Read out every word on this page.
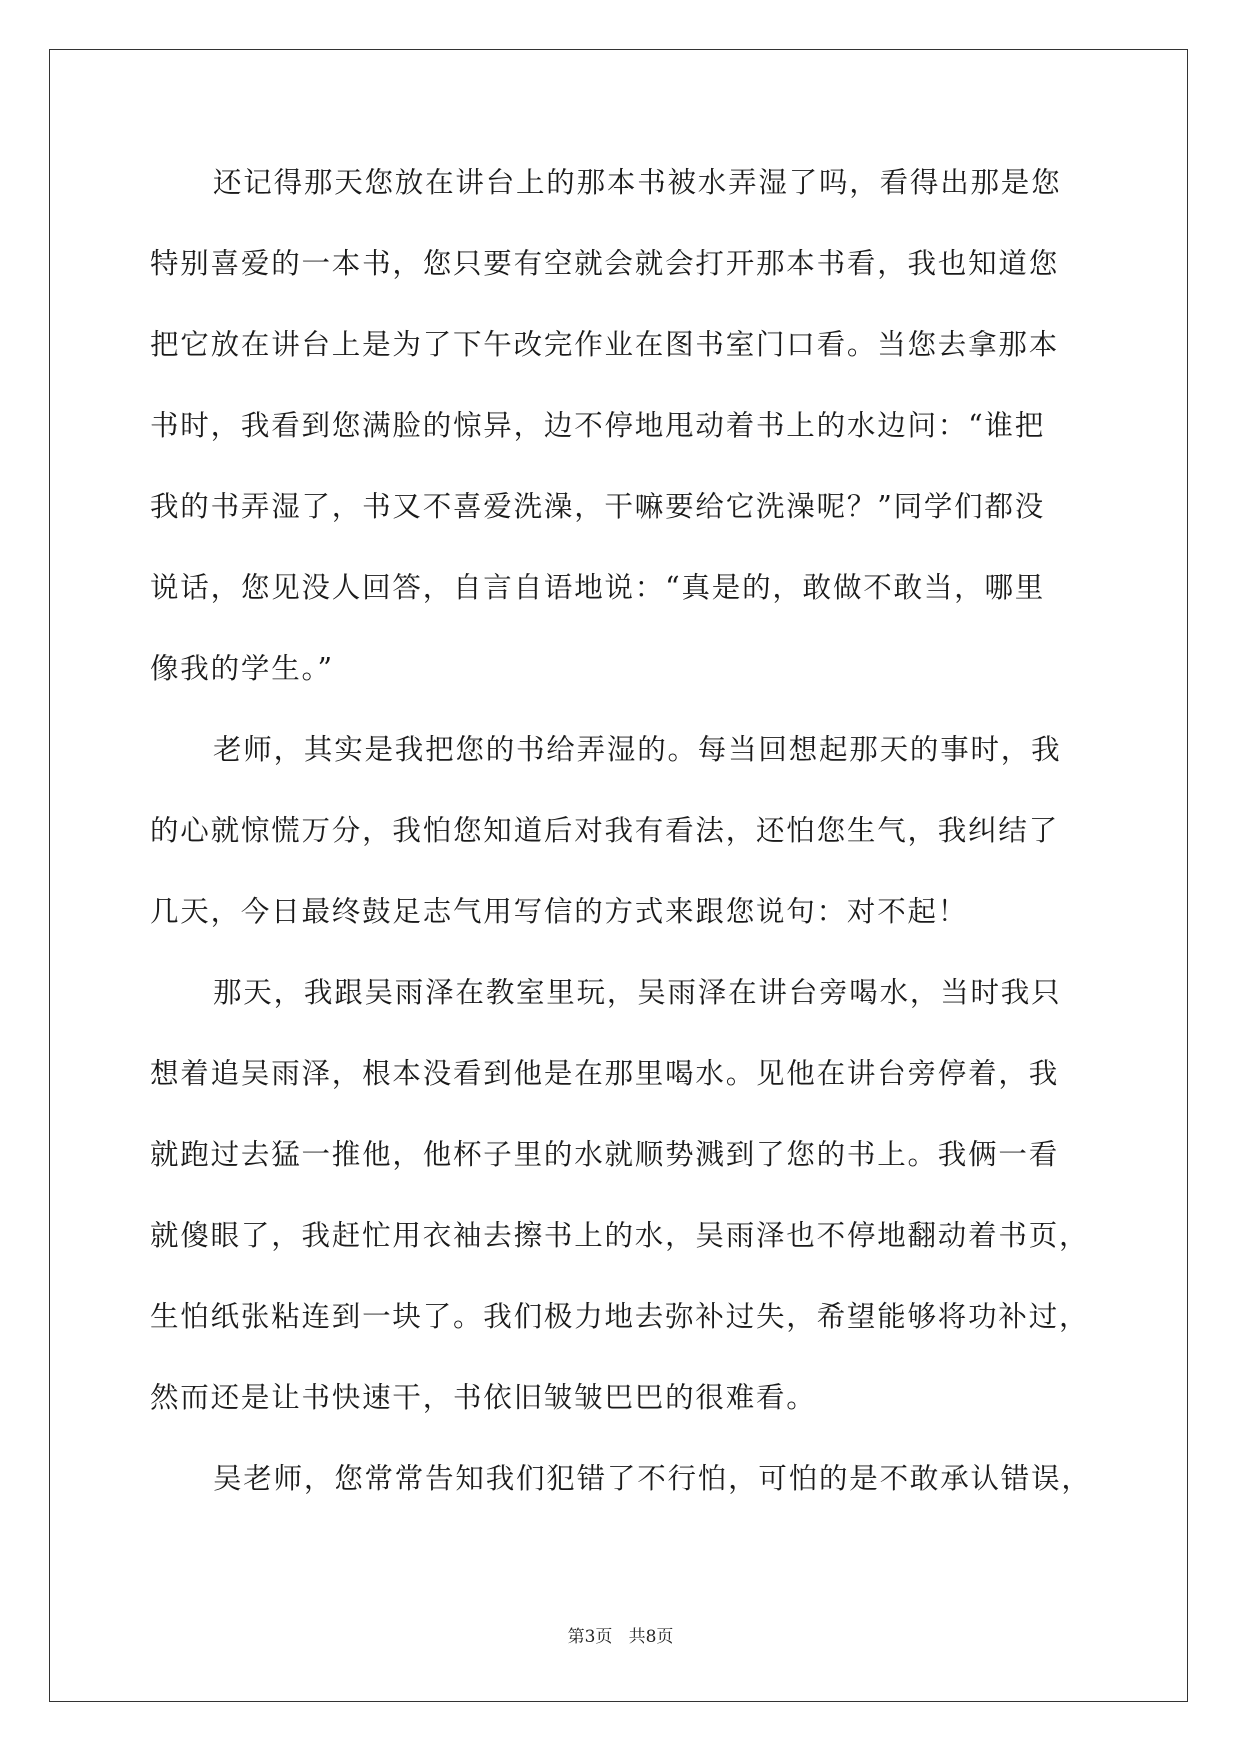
还记得那天您放在讲台上的那本书被水弄湿了吗，看得出那是您
特别喜爱的一本书，您只要有空就会就会打开那本书看，我也知道您
把它放在讲台上是为了下午改完作业在图书室门口看。当您去拿那本
书时，我看到您满脸的惊异，边不停地甩动着书上的水边问：“谁把
我的书弄湿了，书又不喜爱洗澡，干嘛要给它洗澡呢？”同学们都没
说话，您见没人回答，自言自语地说：“真是的，敢做不敢当，哪里
像我的学生。”
老师，其实是我把您的书给弄湿的。每当回想起那天的事时，我
的心就惊慌万分，我怕您知道后对我有看法，还怕您生气，我纠结了
几天，今日最终鼓足志气用写信的方式来跟您说句：对不起！
那天，我跟吴雨泽在教室里玩，吴雨泽在讲台旁喝水，当时我只
想着追吴雨泽，根本没看到他是在那里喝水。见他在讲台旁停着，我
就跑过去猛一推他，他杯子里的水就顺势溅到了您的书上。我俩一看
就傻眼了，我赶忙用衣袖去擦书上的水，吴雨泽也不停地翻动着书页，
生怕纸张粘连到一块了。我们极力地去弥补过失，希望能够将功补过，
然而还是让书快速干，书依旧皱皱巴巴的很难看。
吴老师，您常常告知我们犯错了不行怕，可怕的是不敢承认错误，
第3页   共8页
